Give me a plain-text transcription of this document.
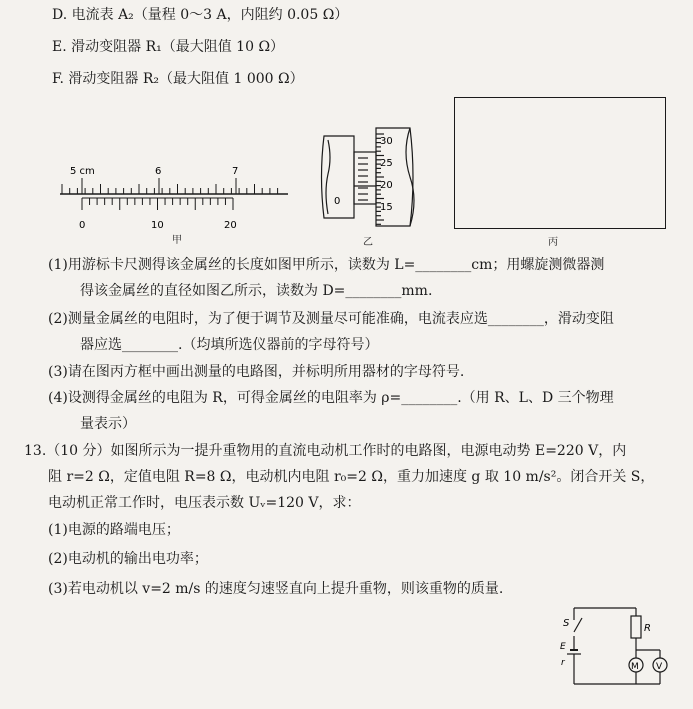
D. 电流表 A₂（量程 0～3 A，内阻约 0.05 Ω）
E. 滑动变阻器 R₁（最大阻值 10 Ω）
F. 滑动变阻器 R₂（最大阻值 1 000 Ω）
5 cm	6	7
0	10	20
甲
0
30
25
20
15
乙	丙
(1)用游标卡尺测得该金属丝的长度如图甲所示，读数为 L=________cm；用螺旋测微器测
得该金属丝的直径如图乙所示，读数为 D=________mm.
(2)测量金属丝的电阻时，为了便于调节及测量尽可能准确，电流表应选________，滑动变阻
器应选________.（均填所选仪器前的字母符号）
(3)请在图丙方框中画出测量的电路图，并标明所用器材的字母符号.
(4)设测得金属丝的电阻为 R，可得金属丝的电阻率为 ρ=________.（用 R、L、D 三个物理
量表示）
13.（10 分）如图所示为一提升重物用的直流电动机工作时的电路图，电源电动势 E=220 V，内
阻 r=2 Ω，定值电阻 R=8 Ω，电动机内电阻 r₀=2 Ω，重力加速度 g 取 10 m/s²。闭合开关 S，
电动机正常工作时，电压表示数 Uᵥ=120 V，求：
(1)电源的路端电压；
(2)电动机的输出电功率；
(3)若电动机以 v=2 m/s 的速度匀速竖直向上提升重物，则该重物的质量.
S	R
E
r	M V
